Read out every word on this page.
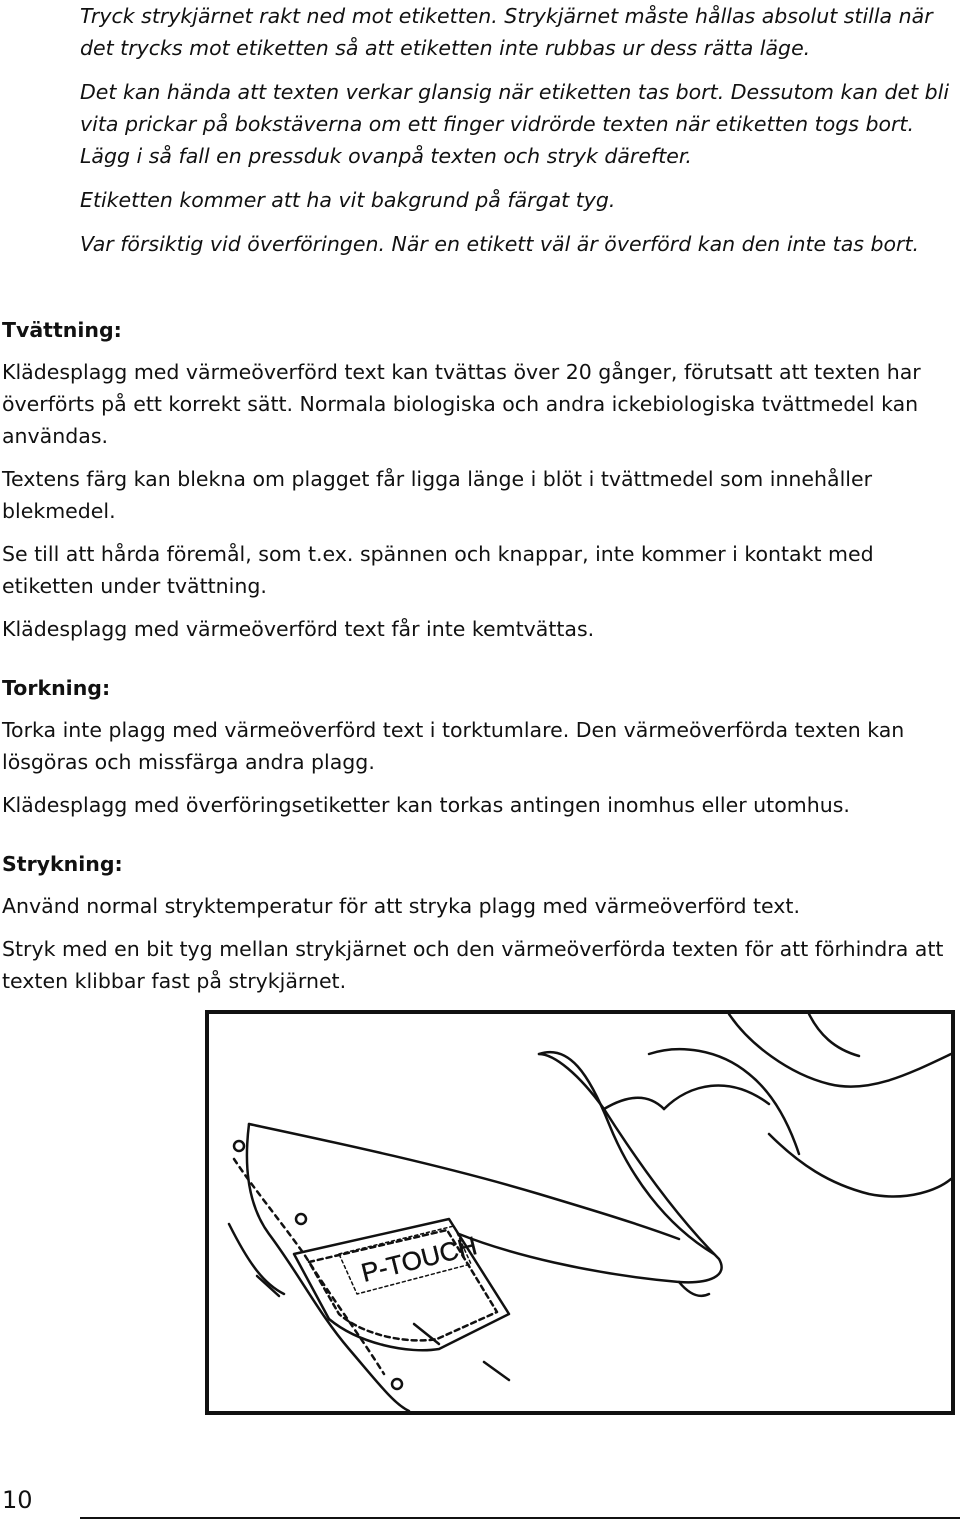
Tryck strykjärnet rakt ned mot etiketten. Strykjärnet måste hållas absolut stilla när det trycks mot etiketten så att etiketten inte rubbas ur dess rätta läge.

Det kan hända att texten verkar glansig när etiketten tas bort. Dessutom kan det bli vita prickar på bokstäverna om ett finger vidrörde texten när etiketten togs bort. Lägg i så fall en pressduk ovanpå texten och stryk därefter.

Etiketten kommer att ha vit bakgrund på färgat tyg.

Var försiktig vid överföringen. När en etikett väl är överförd kan den inte tas bort.

Tvättning:

Klädesplagg med värmeöverförd text kan tvättas över 20 gånger, förutsatt att texten har överförts på ett korrekt sätt. Normala biologiska och andra ickebiologiska tvättmedel kan användas.

Textens färg kan blekna om plagget får ligga länge i blöt i tvättmedel som innehåller blekmedel.

Se till att hårda föremål, som t.ex. spännen och knappar, inte kommer i kontakt med etiketten under tvättning.

Klädesplagg med värmeöverförd text får inte kemtvättas.

Torkning:

Torka inte plagg med värmeöverförd text i torktumlare. Den värmeöverförda texten kan lösgöras och missfärga andra plagg.

Klädesplagg med överföringsetiketter kan torkas antingen inomhus eller utomhus.

Strykning:

Använd normal stryktemperatur för att stryka plagg med värmeöverförd text.

Stryk med en bit tyg mellan strykjärnet och den värmeöverförda texten för att förhindra att texten klibbar fast på strykjärnet.

P-TOUCH
10
